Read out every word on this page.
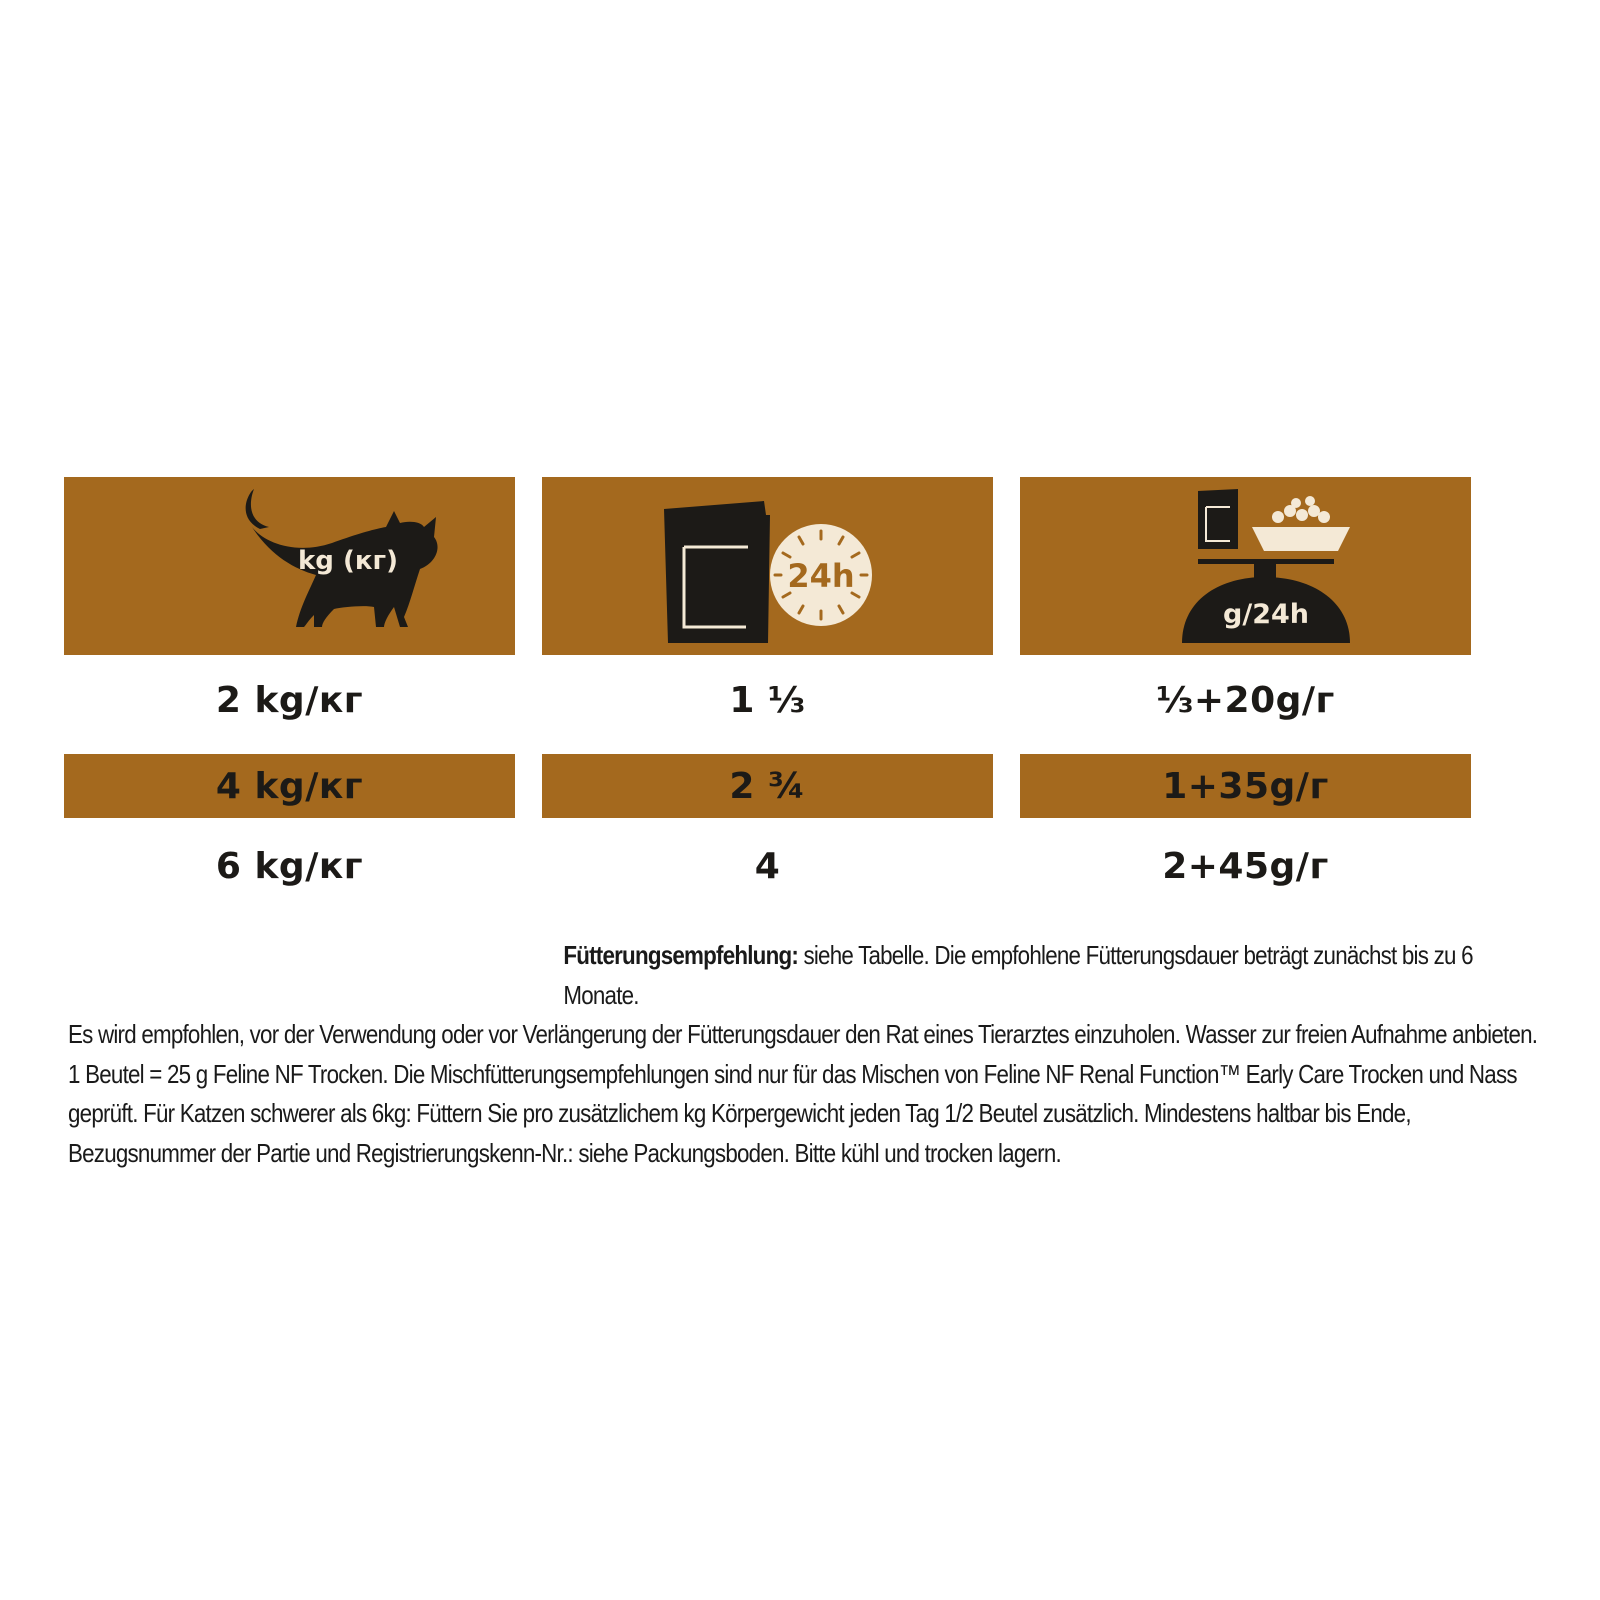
kg (кг)
2 kg/кг
4 kg/кг
6 kg/кг
24h
1 ⅓
2 ¾
4
g/24h
⅓+20g/г
1+35g/г
2+45g/г
Fütterungsempfehlung: siehe Tabelle. Die empfohlene Fütterungsdauer beträgt zunächst bis zu 6 Monate.
Es wird empfohlen, vor der Verwendung oder vor Verlängerung der Fütterungsdauer den Rat eines Tierarztes einzuholen. Wasser zur freien Aufnahme anbieten. 1 Beutel = 25 g Feline NF Trocken. Die Mischfütterungsempfehlungen sind nur für das Mischen von Feline NF Renal Function™ Early Care Trocken und Nass geprüft. Für Katzen schwerer als 6kg: Füttern Sie pro zusätzlichem kg Körpergewicht jeden Tag 1/2 Beutel zusätzlich. Mindestens haltbar bis Ende, Bezugsnummer der Partie und Registrierungskenn-Nr.: siehe Packungsboden. Bitte kühl und trocken lagern.
